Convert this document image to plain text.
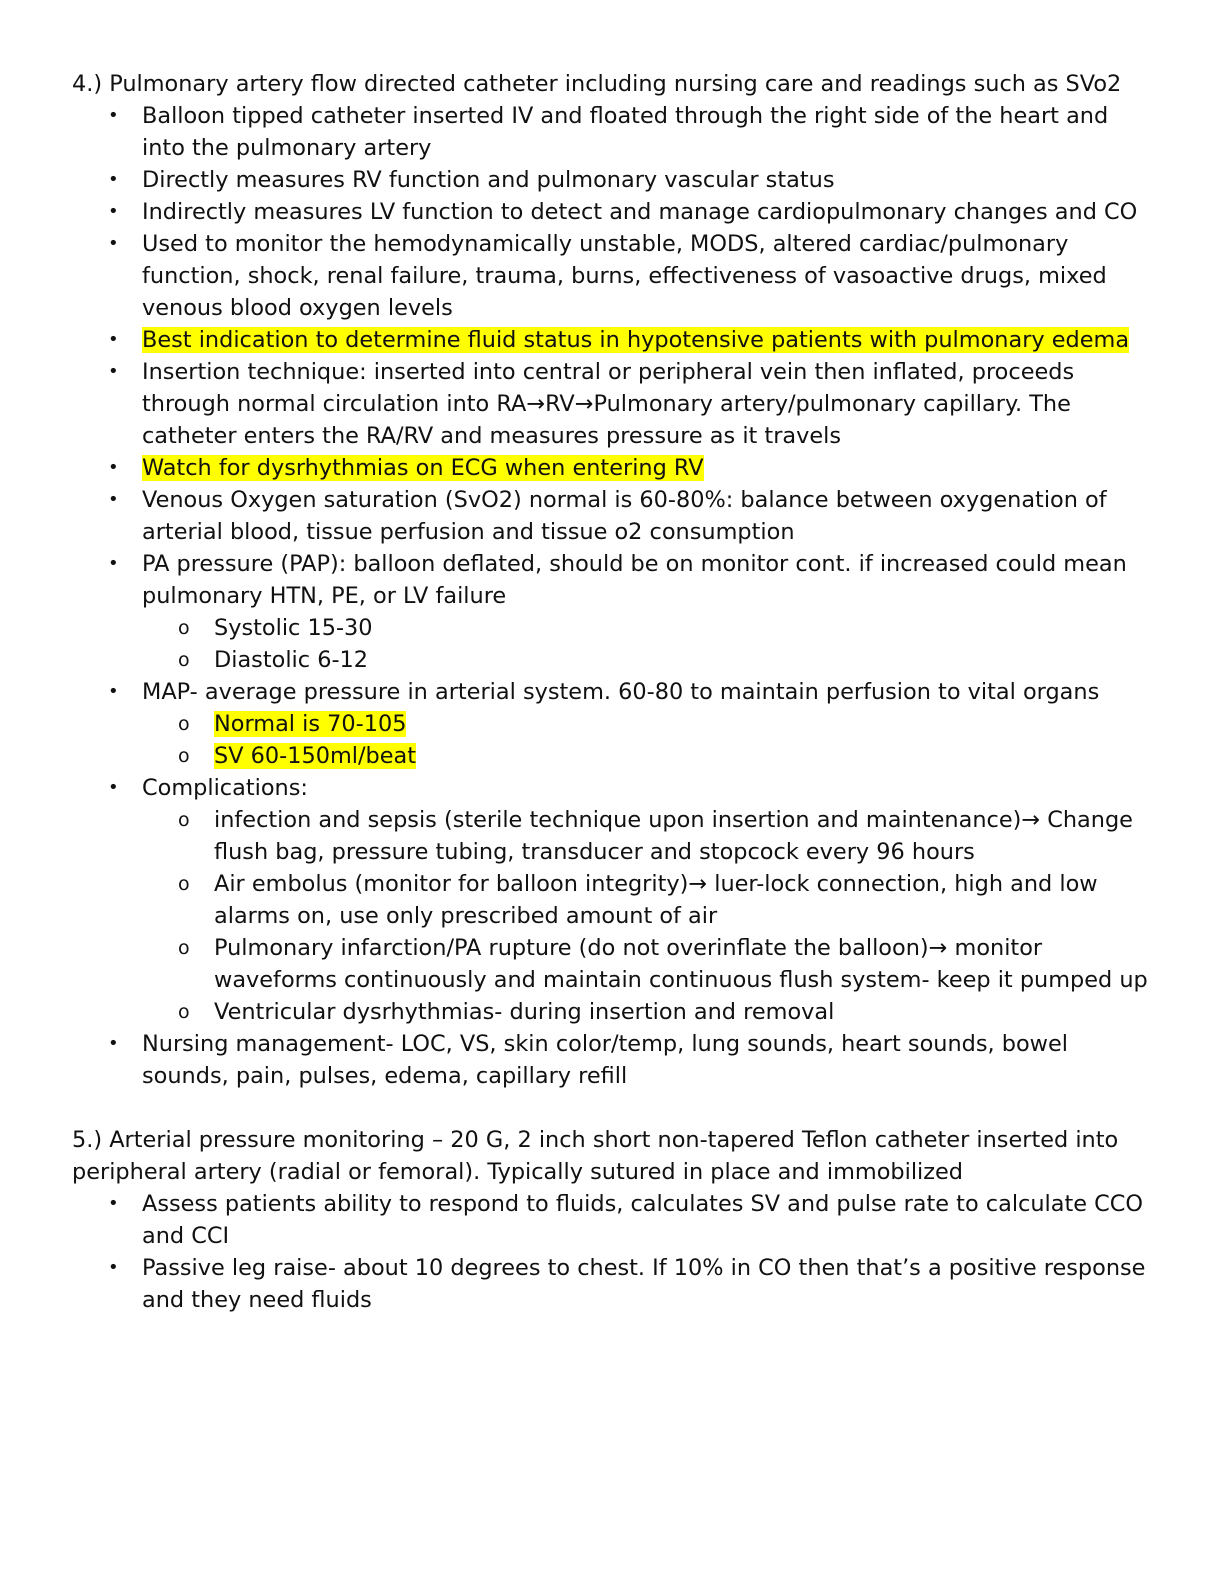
4.) Pulmonary artery flow directed catheter including nursing care and readings such as SVo2

• Balloon tipped catheter inserted IV and floated through the right side of the heart and into the pulmonary artery
• Directly measures RV function and pulmonary vascular status
• Indirectly measures LV function to detect and manage cardiopulmonary changes and CO
• Used to monitor the hemodynamically unstable, MODS, altered cardiac/pulmonary function, shock, renal failure, trauma, burns, effectiveness of vasoactive drugs, mixed venous blood oxygen levels
• Best indication to determine fluid status in hypotensive patients with pulmonary edema
• Insertion technique: inserted into central or peripheral vein then inflated, proceeds through normal circulation into RA→RV→Pulmonary artery/pulmonary capillary. The catheter enters the RA/RV and measures pressure as it travels
• Watch for dysrhythmias on ECG when entering RV
• Venous Oxygen saturation (SvO2) normal is 60-80%: balance between oxygenation of arterial blood, tissue perfusion and tissue o2 consumption
• PA pressure (PAP): balloon deflated, should be on monitor cont. if increased could mean pulmonary HTN, PE, or LV failure
o Systolic 15-30
o Diastolic 6-12
• MAP- average pressure in arterial system. 60-80 to maintain perfusion to vital organs
o Normal is 70-105
o SV 60-150ml/beat
• Complications:
o infection and sepsis (sterile technique upon insertion and maintenance)→ Change flush bag, pressure tubing, transducer and stopcock every 96 hours
o Air embolus (monitor for balloon integrity)→ luer-lock connection, high and low alarms on, use only prescribed amount of air
o Pulmonary infarction/PA rupture (do not overinflate the balloon)→ monitor waveforms continuously and maintain continuous flush system- keep it pumped up
o Ventricular dysrhythmias- during insertion and removal
• Nursing management- LOC, VS, skin color/temp, lung sounds, heart sounds, bowel sounds, pain, pulses, edema, capillary refill

5.) Arterial pressure monitoring – 20 G, 2 inch short non-tapered Teflon catheter inserted into peripheral artery (radial or femoral). Typically sutured in place and immobilized

• Assess patients ability to respond to fluids, calculates SV and pulse rate to calculate CCO and CCI
• Passive leg raise- about 10 degrees to chest. If 10% in CO then that’s a positive response and they need fluids
